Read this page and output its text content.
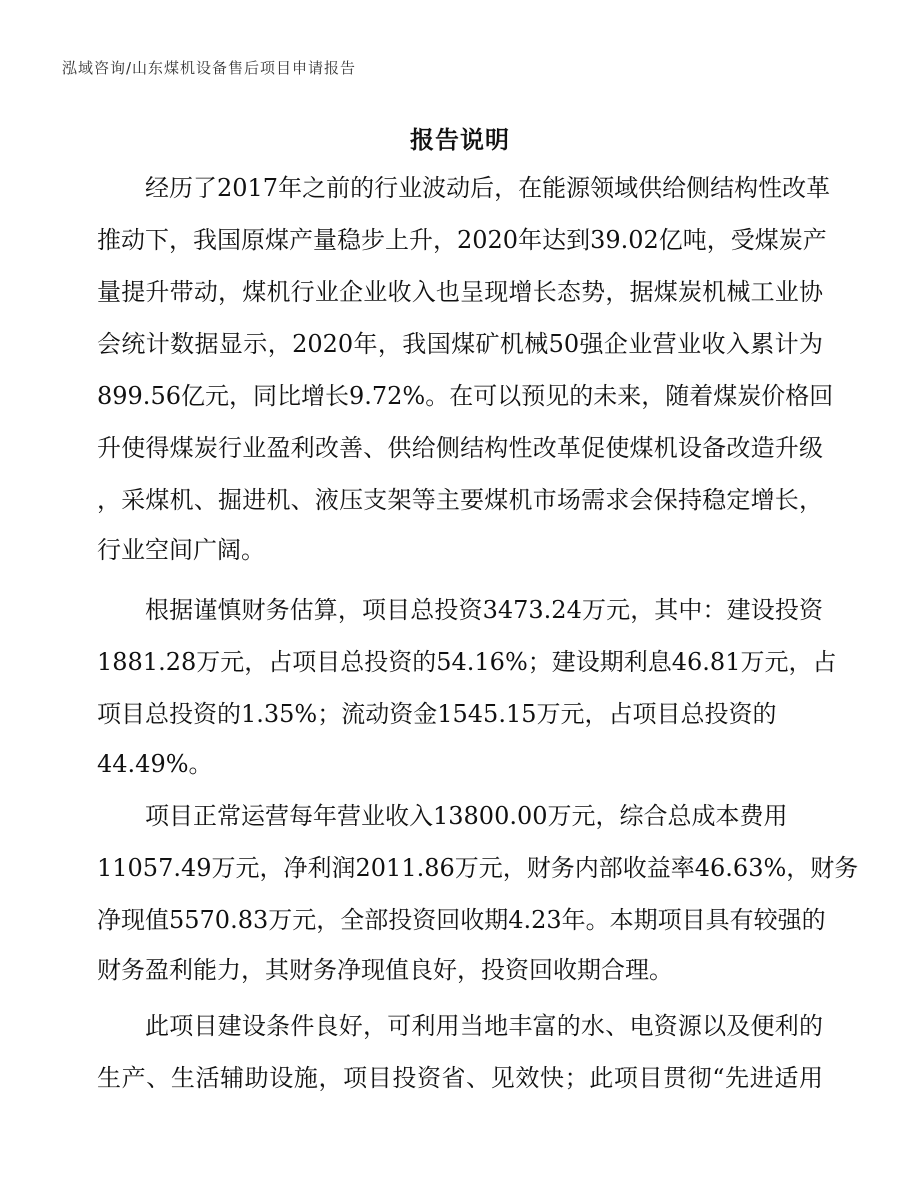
泓域咨询/山东煤机设备售后项目申请报告
报告说明
经历了2017年之前的行业波动后，在能源领域供给侧结构性改革
推动下，我国原煤产量稳步上升，2020年达到39.02亿吨，受煤炭产
量提升带动，煤机行业企业收入也呈现增长态势，据煤炭机械工业协
会统计数据显示，2020年，我国煤矿机械50强企业营业收入累计为
899.56亿元，同比增长9.72%。在可以预见的未来，随着煤炭价格回
升使得煤炭行业盈利改善、供给侧结构性改革促使煤机设备改造升级
，采煤机、掘进机、液压支架等主要煤机市场需求会保持稳定增长，
行业空间广阔。
根据谨慎财务估算，项目总投资3473.24万元，其中：建设投资
1881.28万元，占项目总投资的54.16%；建设期利息46.81万元，占
项目总投资的1.35%；流动资金1545.15万元，占项目总投资的
44.49%。
项目正常运营每年营业收入13800.00万元，综合总成本费用
11057.49万元，净利润2011.86万元，财务内部收益率46.63%，财务
净现值5570.83万元，全部投资回收期4.23年。本期项目具有较强的
财务盈利能力，其财务净现值良好，投资回收期合理。
此项目建设条件良好，可利用当地丰富的水、电资源以及便利的
生产、生活辅助设施，项目投资省、见效快；此项目贯彻“先进适用
